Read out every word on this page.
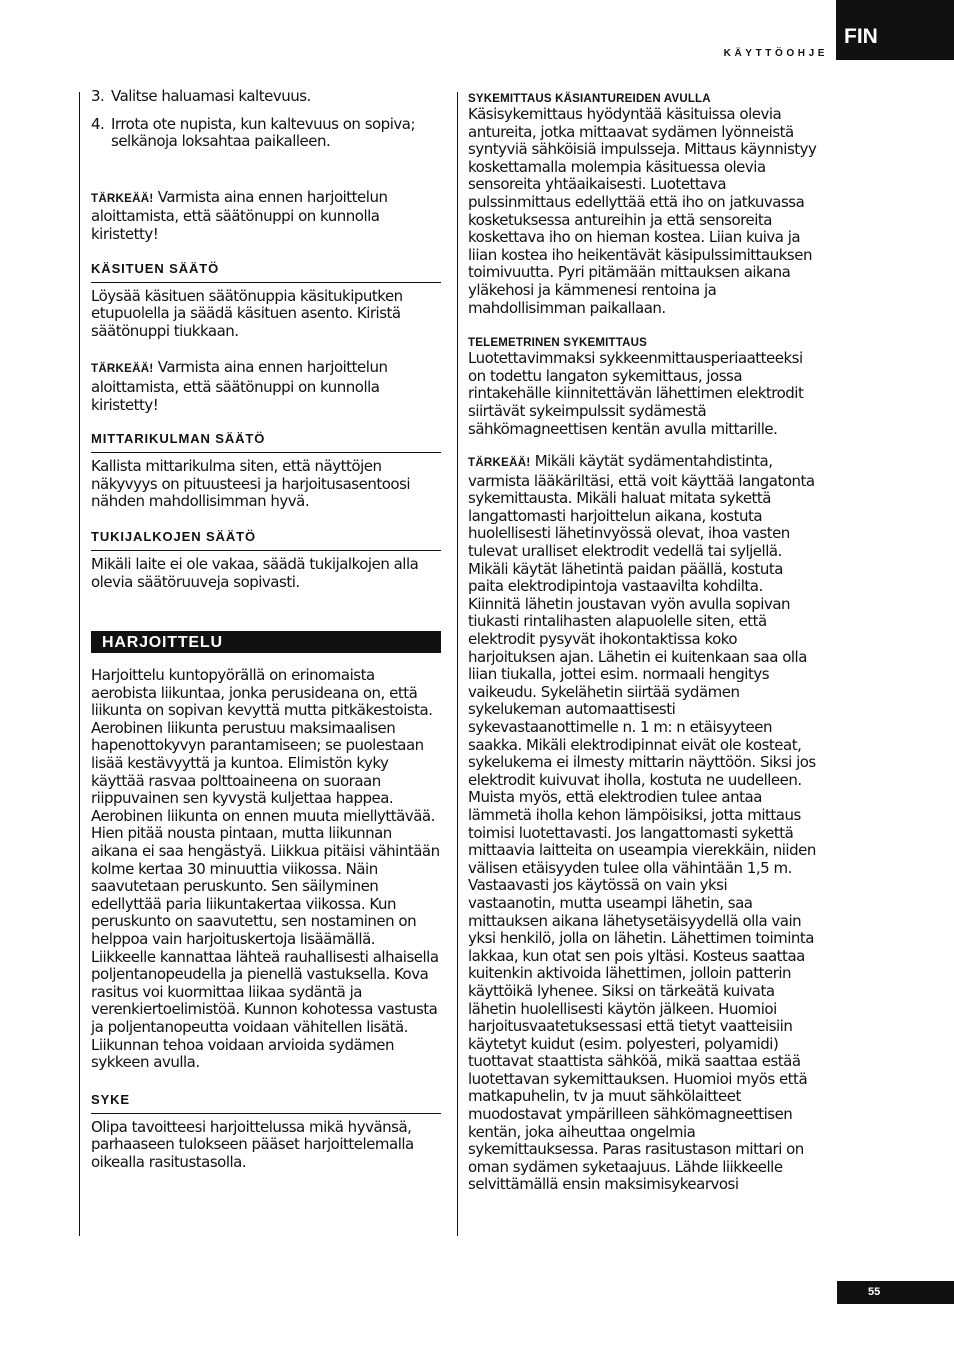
FIN
KÄYTTÖOHJE
3. Valitse haluamasi kaltevuus.
4. Irrota ote nupista, kun kaltevuus on sopiva; selkänoja loksahtaa paikalleen.

TÄRKEÄÄ! Varmista aina ennen harjoittelun aloittamista, että säätönuppi on kunnolla kiristetty!

KÄSITUEN SÄÄTÖ

Löysää käsituen säätönuppia käsitukiputken etupuolella ja säädä käsituen asento. Kiristä säätönuppi tiukkaan.

TÄRKEÄÄ! Varmista aina ennen harjoittelun aloittamista, että säätönuppi on kunnolla kiristetty!

MITTARIKULMAN SÄÄTÖ

Kallista mittarikulma siten, että näyttöjen näkyvyys on pituusteesi ja harjoitusasentoosi nähden mahdollisimman hyvä.

TUKIJALKOJEN SÄÄTÖ

Mikäli laite ei ole vakaa, säädä tukijalkojen alla olevia säätöruuveja sopivasti.

HARJOITTELU

Harjoittelu kuntopyörällä on erinomaista aerobista liikuntaa, jonka perusideana on, että liikunta on sopivan kevyttä mutta pitkäkestoista. Aerobinen liikunta perustuu maksimaalisen hapenottokyvyn parantamiseen; se puolestaan lisää kestävyyttä ja kuntoa. Elimistön kyky käyttää rasvaa polttoaineena on suoraan riippuvainen sen kyvystä kuljettaa happea. Aerobinen liikunta on ennen muuta miellyttävää. Hien pitää nousta pintaan, mutta liikunnan aikana ei saa hengästyä. Liikkua pitäisi vähintään kolme kertaa 30 minuuttia viikossa. Näin saavutetaan peruskunto. Sen säilyminen edellyttää paria liikuntakertaa viikossa. Kun peruskunto on saavutettu, sen nostaminen on helppoa vain harjoituskertoja lisäämällä. Liikkeelle kannattaa lähteä rauhallisesti alhaisella poljentanopeudella ja pienellä vastuksella. Kova rasitus voi kuormittaa liikaa sydäntä ja verenkiertoelimistöä. Kunnon kohotessa vastusta ja poljentanopeutta voidaan vähitellen lisätä. Liikunnan tehoa voidaan arvioida sydämen sykkeen avulla.

SYKE

Olipa tavoitteesi harjoittelussa mikä hyvänsä, parhaaseen tulokseen pääset harjoittelemalla oikealla rasitustasolla.

SYKEMITTAUS KÄSIANTUREIDEN AVULLA

Käsisykemittaus hyödyntää käsituissa olevia antureita, jotka mittaavat sydämen lyönneistä syntyviä sähköisiä impulsseja. Mittaus käynnistyy koskettamalla molempia käsituessa olevia sensoreita yhtäaikaisesti. Luotettava pulssinmittaus edellyttää että iho on jatkuvassa kosketuksessa antureihin ja että sensoreita koskettava iho on hieman kostea. Liian kuiva ja liian kostea iho heikentävät käsipulssimittauksen toimivuutta. Pyri pitämään mittauksen aikana yläkehosi ja kämmenesi rentoina ja mahdollisimman paikallaan.

TELEMETRINEN SYKEMITTAUS

Luotettavimmaksi sykkeenmittausperiaatteeksi on todettu langaton sykemittaus, jossa rintakehälle kiinnitettävän lähettimen elektrodit siirtävät sykeimpulssit sydämestä sähkömagneettisen kentän avulla mittarille.

TÄRKEÄÄ! Mikäli käytät sydämentahdistinta, varmista lääkäriltäsi, että voit käyttää langatonta sykemittausta. Mikäli haluat mitata sykettä langattomasti harjoittelun aikana, kostuta huolellisesti lähetinvyössä olevat, ihoa vasten tulevat uralliset elektrodit vedellä tai syljellä. Mikäli käytät lähetintä paidan päällä, kostuta paita elektrodipintoja vastaavilta kohdilta. Kiinnitä lähetin joustavan vyön avulla sopivan tiukasti rintalihasten alapuolelle siten, että elektrodit pysyvät ihokontaktissa koko harjoituksen ajan. Lähetin ei kuitenkaan saa olla liian tiukalla, jottei esim. normaali hengitys vaikeudu. Sykelähetin siirtää sydämen sykelukeman automaattisesti sykevastaanottimelle n. 1 m: n etäisyyteen saakka. Mikäli elektrodipinnat eivät ole kosteat, sykelukema ei ilmesty mittarin näyttöön. Siksi jos elektrodit kuivuvat iholla, kostuta ne uudelleen. Muista myös, että elektrodien tulee antaa lämmetä iholla kehon lämpöisiksi, jotta mittaus toimisi luotettavasti. Jos langattomasti sykettä mittaavia laitteita on useampia vierekkäin, niiden välisen etäisyyden tulee olla vähintään 1,5 m. Vastaavasti jos käytössä on vain yksi vastaanotin, mutta useampi lähetin, saa mittauksen aikana lähetysetäisyydellä olla vain yksi henkilö, jolla on lähetin. Lähettimen toiminta lakkaa, kun otat sen pois yltäsi. Kosteus saattaa kuitenkin aktivoida lähettimen, jolloin patterin käyttöikä lyhenee. Siksi on tärkeätä kuivata lähetin huolellisesti käytön jälkeen. Huomioi harjoitusvaatetuksessasi että tietyt vaatteisiin käytetyt kuidut (esim. polyesteri, polyamidi) tuottavat staattista sähköä, mikä saattaa estää luotettavan sykemittauksen. Huomioi myös että matkapuhelin, tv ja muut sähkölaitteet muodostavat ympärilleen sähkömagneettisen kentän, joka aiheuttaa ongelmia sykemittauksessa. Paras rasitustason mittari on oman sydämen syketaajuus. Lähde liikkeelle selvittämällä ensin maksimisykearvosi

55
